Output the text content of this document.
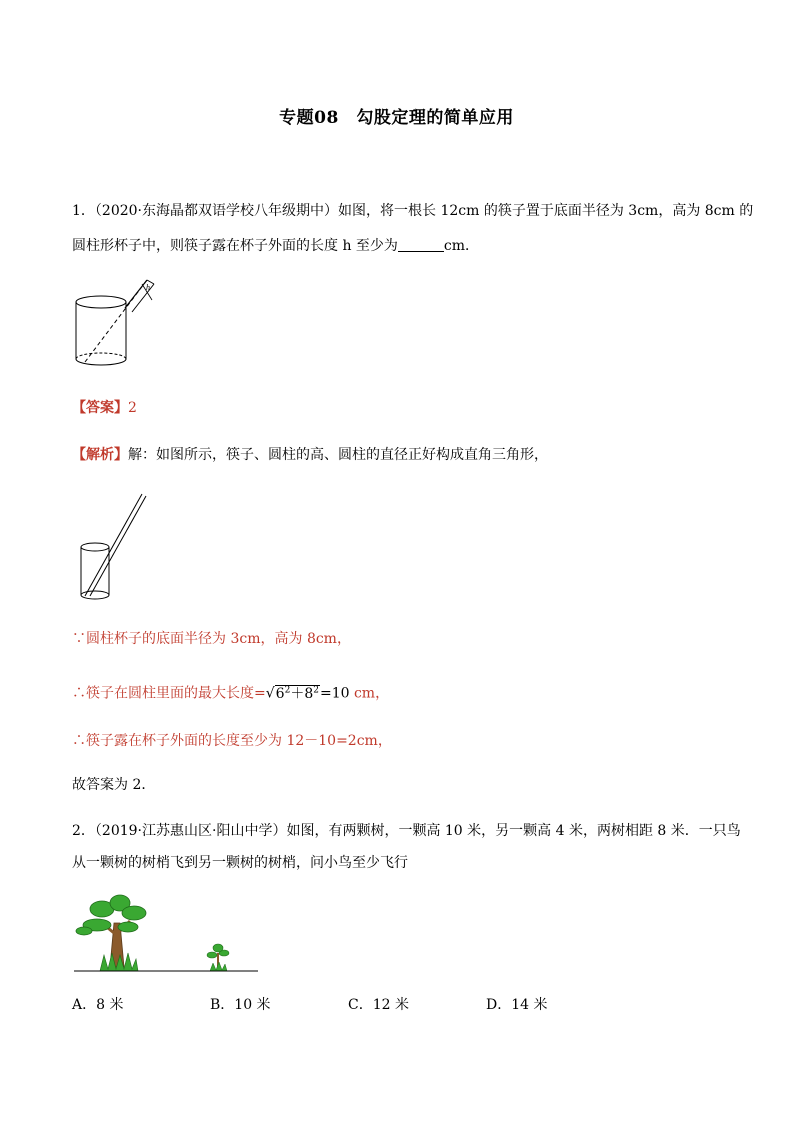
专题08　勾股定理的简单应用
1．（2020·东海晶都双语学校八年级期中）如图，将一根长 12cm 的筷子置于底面半径为 3cm，高为 8cm 的
圆柱形杯子中，则筷子露在杯子外面的长度 h 至少为	cm．
h
【答案】2
【解析】解：如图所示，筷子、圆柱的高、圆柱的直径正好构成直角三角形，
∵圆柱杯子的底面半径为 3cm，高为 8cm，
∴筷子在圆柱里面的最大长度$=√6^2+8^2=10$ cm，
∴筷子露在杯子外面的长度至少为 12－10=2cm，
故答案为 2．
2．（2019·江苏惠山区·阳山中学）如图，有两颗树，一颗高 10 米，另一颗高 4 米，两树相距 8 米．一只鸟
从一颗树的树梢飞到另一颗树的树梢，问小鸟至少飞行
A．8 米	B．10 米	C．12 米	D．14 米
